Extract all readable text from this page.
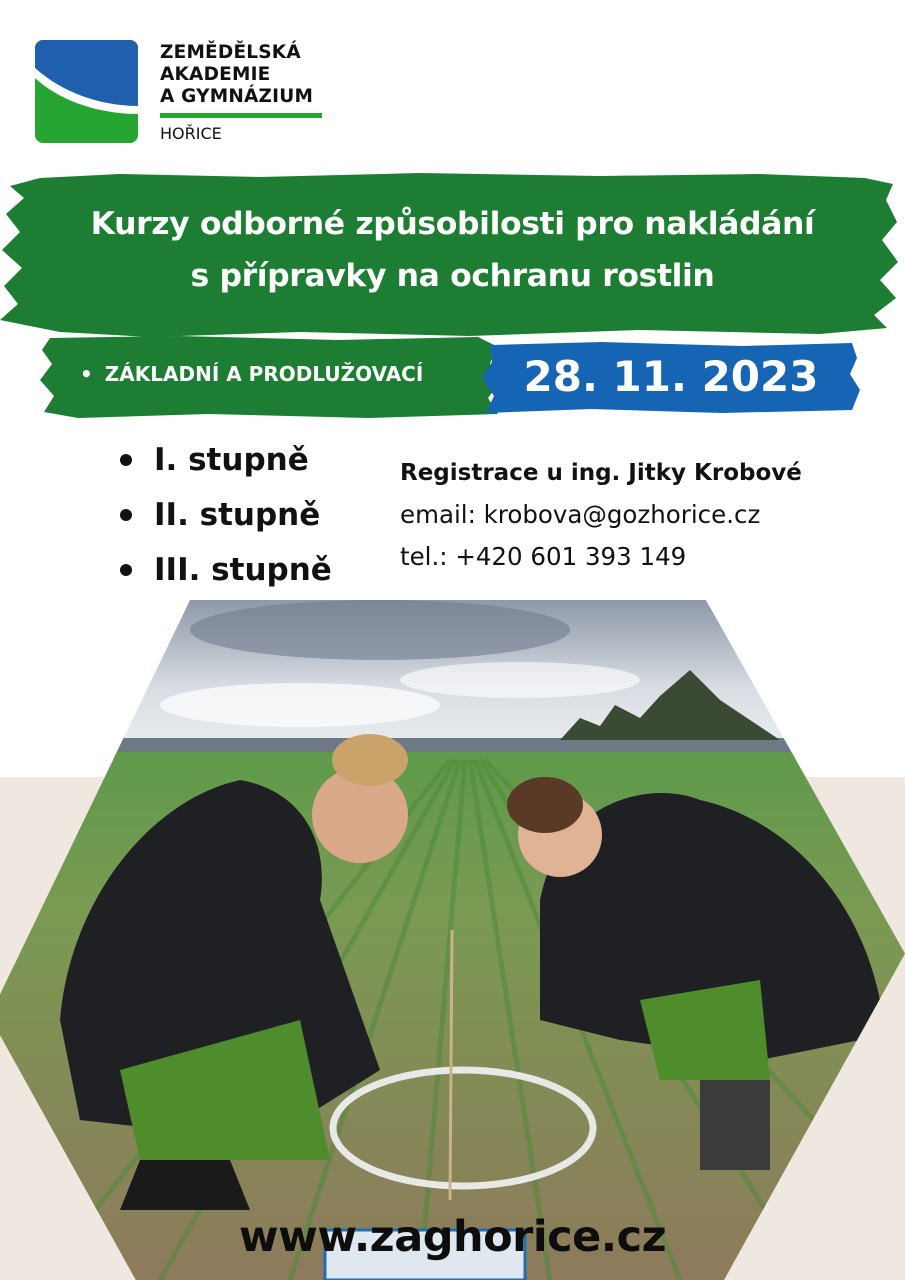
ZEMĚDĚLSKÁ
AKADEMIE
A GYMNÁZIUM
HOŘICE
Kurzy odborné způsobilosti pro nakládání
s přípravky na ochranu rostlin
• ZÁKLADNÍ A PRODLUŽOVACÍ	28. 11. 2023
I. stupně
II. stupně
III. stupně
Registrace u ing. Jitky Krobové
email: krobova@gozhorice.cz
tel.: +420 601 393 149
www.zaghorice.cz
